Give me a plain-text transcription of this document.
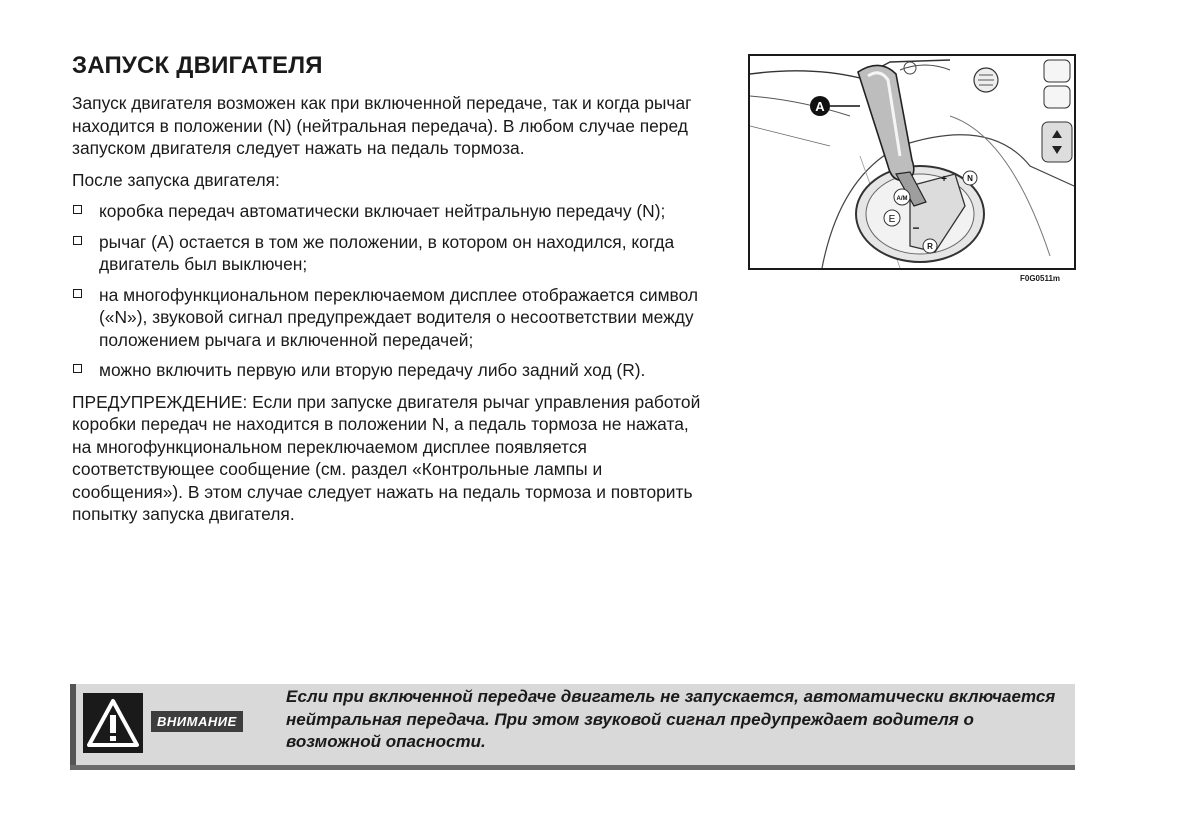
ЗАПУСК ДВИГАТЕЛЯ

Запуск двигателя возможен как при включенной передаче, так и когда рычаг находится в положении (N) (нейтральная передача). В любом случае перед запуском двигателя следует нажать на педаль тормоза.

После запуска двигателя:

коробка передач автоматически включает нейтральную передачу (N);
рычаг (A) остается в том же положении, в котором он находился, когда двигатель был выключен;
на многофункциональном переключаемом дисплее отображается символ («N»), звуковой сигнал предупреждает водителя о несоответствии между положением рычага и включенной передачей;
можно включить первую или вторую передачу либо задний ход (R).

ПРЕДУПРЕЖДЕНИЕ: Если при запуске двигателя рычаг управления работой коробки передач не находится в положении N, а педаль тормоза не нажата, на многофункциональном переключаемом дисплее появляется соответствующее сообщение (см. раздел «Контрольные лампы и сообщения»). В этом случае следует нажать на педаль тормоза и повторить попытку запуска двигателя.

A
A/M
E
−
+	N
R
F0G0511m
ВНИМАНИЕ
Если при включенной передаче двигатель не запускается, автоматически включается нейтральная передача. При этом звуковой сигнал предупреждает водителя о возможной опасности.
